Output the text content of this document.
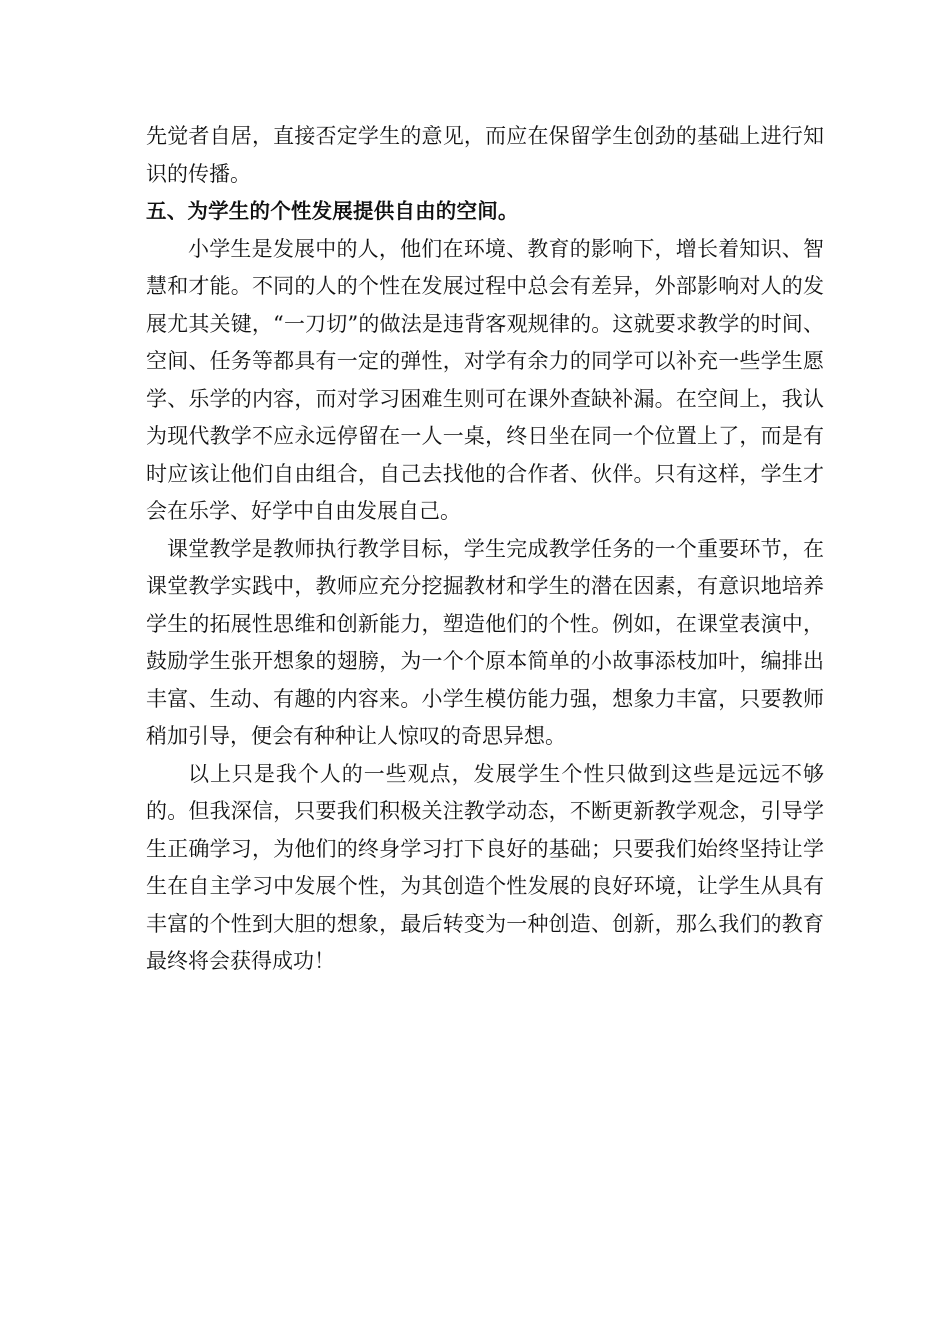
先觉者自居，直接否定学生的意见，而应在保留学生创劲的基础上进行知识的传播。

五、为学生的个性发展提供自由的空间。

小学生是发展中的人，他们在环境、教育的影响下，增长着知识、智慧和才能。不同的人的个性在发展过程中总会有差异，外部影响对人的发展尤其关键，“一刀切”的做法是违背客观规律的。这就要求教学的时间、空间、任务等都具有一定的弹性，对学有余力的同学可以补充一些学生愿学、乐学的内容，而对学习困难生则可在课外查缺补漏。在空间上，我认为现代教学不应永远停留在一人一桌，终日坐在同一个位置上了，而是有时应该让他们自由组合，自己去找他的合作者、伙伴。只有这样，学生才会在乐学、好学中自由发展自己。

课堂教学是教师执行教学目标，学生完成教学任务的一个重要环节，在课堂教学实践中，教师应充分挖掘教材和学生的潜在因素，有意识地培养学生的拓展性思维和创新能力，塑造他们的个性。例如，在课堂表演中，鼓励学生张开想象的翅膀，为一个个原本简单的小故事添枝加叶，编排出丰富、生动、有趣的内容来。小学生模仿能力强，想象力丰富，只要教师稍加引导，便会有种种让人惊叹的奇思异想。

以上只是我个人的一些观点，发展学生个性只做到这些是远远不够的。但我深信，只要我们积极关注教学动态，不断更新教学观念，引导学生正确学习，为他们的终身学习打下良好的基础；只要我们始终坚持让学生在自主学习中发展个性，为其创造个性发展的良好环境，让学生从具有丰富的个性到大胆的想象，最后转变为一种创造、创新，那么我们的教育最终将会获得成功！
